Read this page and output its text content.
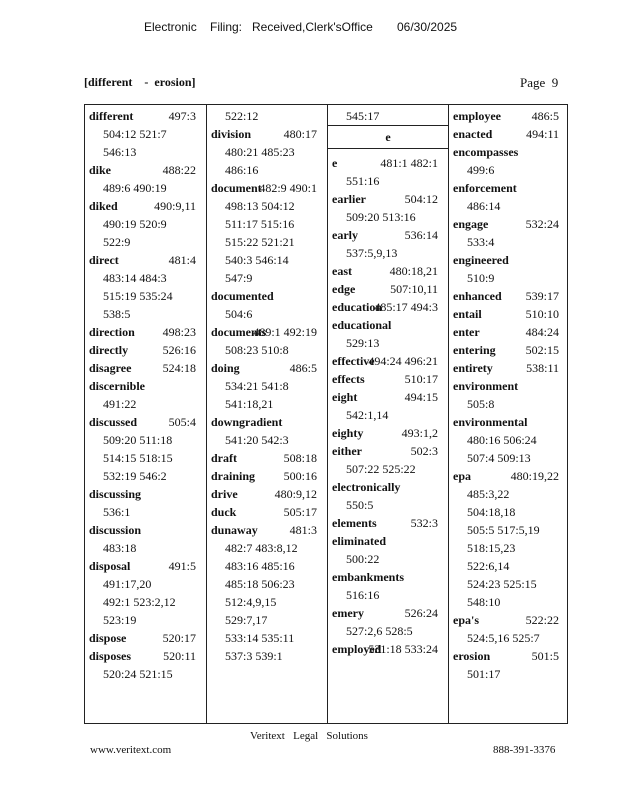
Electronic Filing: Received,Clerk'sOffice 06/30/2025
[different    -  erosion]	Page  9
different	497:3
504:12 521:7
546:13
dike	488:22
489:6 490:19
diked	490:9,11
490:19 520:9
522:9
direct	481:4
483:14 484:3
515:19 535:24
538:5
direction 498:23
directly	526:16
disagree	524:18
discernible
491:22
discussed	505:4
509:20 511:18
514:15 518:15
532:19 546:2
discussing
536:1
discussion
483:18
disposal	491:5
491:17,20
492:1 523:2,12
523:19
dispose	520:17
disposes	520:11
520:24 521:15
522:12
division	480:17
480:21 485:23
486:16
document
482:9 490:1
498:13 504:12
511:17 515:16
515:22 521:21
540:3 546:14
547:9
documented
504:6
documents
489:1 492:19
508:23 510:8
doing	486:5
534:21 541:8
541:18,21
downgradient
541:20 542:3
draft	508:18
draining 500:16
drive	480:9,12
duck	505:17
dunaway	481:3
482:7 483:8,12
483:16 485:16
485:18 506:23
512:4,9,15
529:7,17
533:14 535:11
537:3 539:1
545:17
e
e	481:1 482:1
551:16
earlier	504:12
509:20 513:16
early	536:14
537:5,9,13
east	480:18,21
edge	507:10,11
education
485:17 494:3
educational
529:13
effective
494:24 496:21
effects	510:17
eight	494:15
542:1,14
eighty	493:1,2
either	502:3
507:22 525:22
electronically
550:5
elements	532:3
eliminated
500:22
embankments
516:16
emery	526:24
527:2,6 528:5
employed
531:18 533:24
employee	486:5
enacted	494:11
encompasses
499:6
enforcement
486:14
engage	532:24
533:4
engineered
510:9
enhanced 539:17
entail	510:10
enter	484:24
entering	502:15
entirety	538:11
environment
505:8
environmental
480:16 506:24
507:4 509:13
epa	480:19,22
485:3,22
504:18,18
505:5 517:5,19
518:15,23
522:6,14
524:23 525:15
548:10
epa's	522:22
524:5,16 525:7
erosion	501:5
501:17
Veritext   Legal   Solutions
www.veritext.com	888-391-3376
